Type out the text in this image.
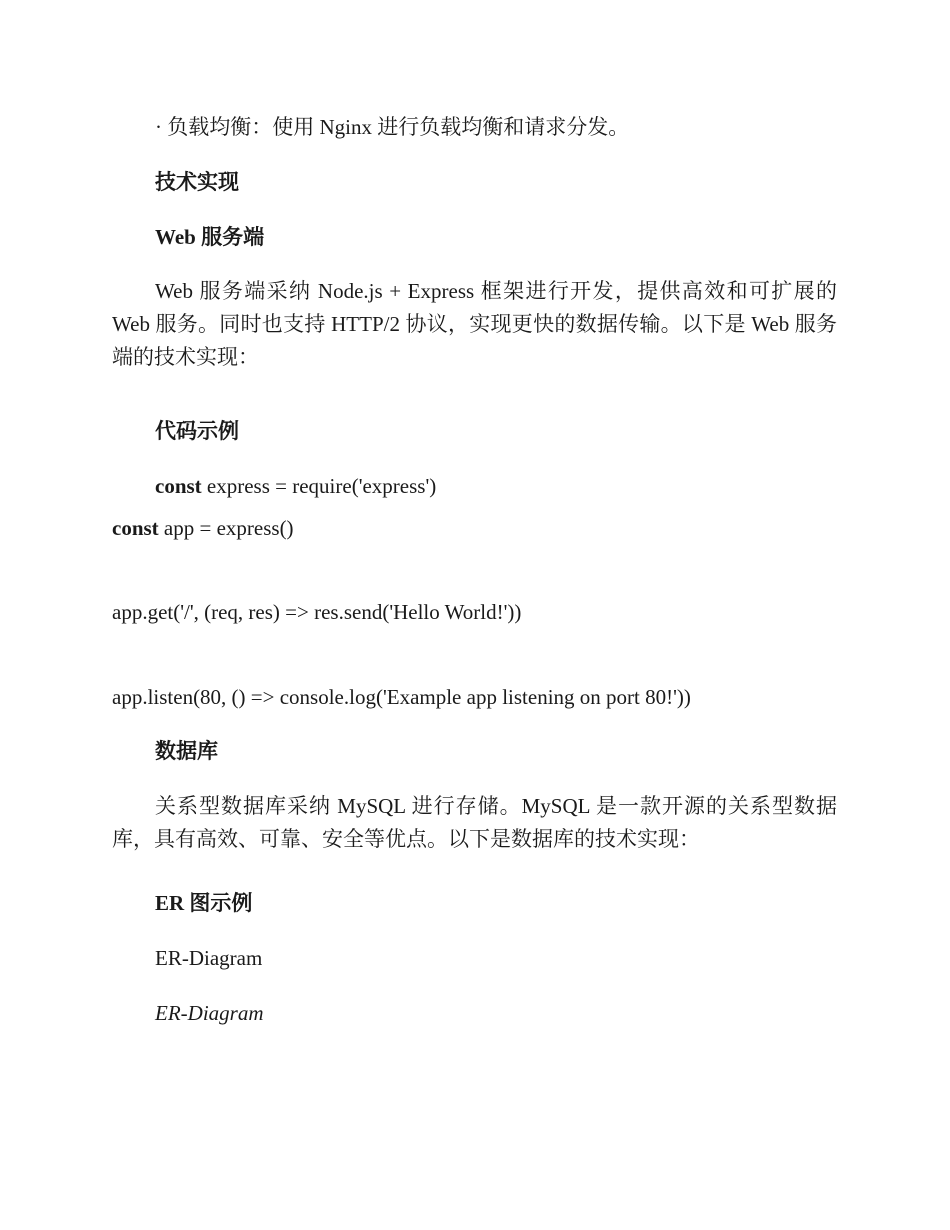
· 负载均衡：使用 Nginx 进行负载均衡和请求分发。
技术实现
Web 服务端
Web 服务端采纳 Node.js + Express 框架进行开发，提供高效和可扩展的 Web 服务。同时也支持 HTTP/2 协议，实现更快的数据传输。以下是 Web 服务端的技术实现：
代码示例
const express = require('express')
const app = express()
app.get('/', (req, res) => res.send('Hello World!'))
app.listen(80, () => console.log('Example app listening on port 80!'))
数据库
关系型数据库采纳 MySQL 进行存储。MySQL 是一款开源的关系型数据库，具有高效、可靠、安全等优点。以下是数据库的技术实现：
ER 图示例
ER-Diagram
ER-Diagram
